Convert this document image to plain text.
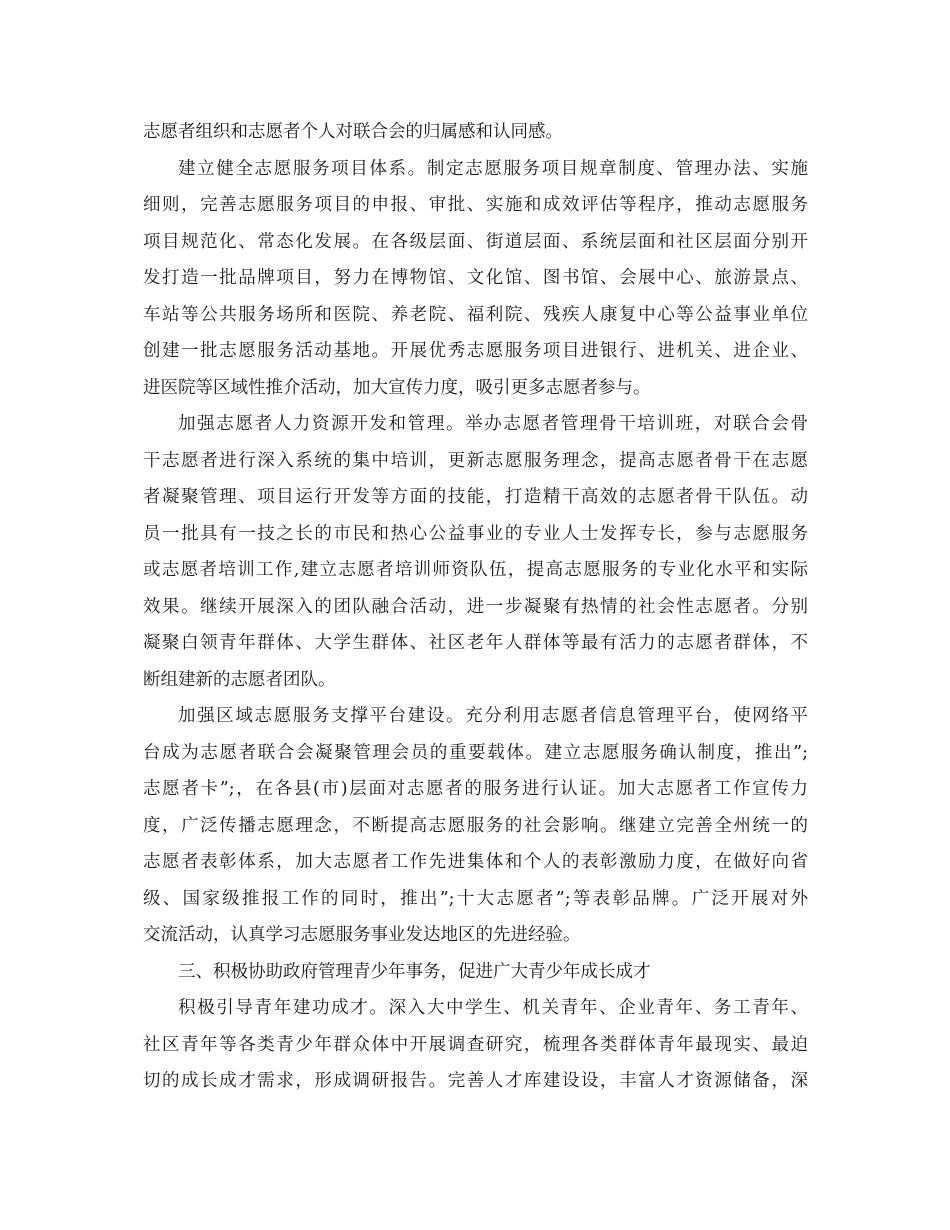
志愿者组织和志愿者个人对联合会的归属感和认同感。
建立健全志愿服务项目体系。制定志愿服务项目规章制度、管理办法、实施
细则，完善志愿服务项目的申报、审批、实施和成效评估等程序，推动志愿服务
项目规范化、常态化发展。在各级层面、街道层面、系统层面和社区层面分别开
发打造一批品牌项目，努力在博物馆、文化馆、图书馆、会展中心、旅游景点、
车站等公共服务场所和医院、养老院、福利院、残疾人康复中心等公益事业单位
创建一批志愿服务活动基地。开展优秀志愿服务项目进银行、进机关、进企业、
进医院等区域性推介活动，加大宣传力度，吸引更多志愿者参与。
加强志愿者人力资源开发和管理。举办志愿者管理骨干培训班，对联合会骨
干志愿者进行深入系统的集中培训，更新志愿服务理念，提高志愿者骨干在志愿
者凝聚管理、项目运行开发等方面的技能，打造精干高效的志愿者骨干队伍。动
员一批具有一技之长的市民和热心公益事业的专业人士发挥专长，参与志愿服务
或志愿者培训工作,建立志愿者培训师资队伍，提高志愿服务的专业化水平和实际
效果。继续开展深入的团队融合活动，进一步凝聚有热情的社会性志愿者。分别
凝聚白领青年群体、大学生群体、社区老年人群体等最有活力的志愿者群体，不
断组建新的志愿者团队。
加强区域志愿服务支撑平台建设。充分利用志愿者信息管理平台，使网络平
台成为志愿者联合会凝聚管理会员的重要载体。建立志愿服务确认制度，推出”;
志愿者卡”;，在各县(市)层面对志愿者的服务进行认证。加大志愿者工作宣传力
度，广泛传播志愿理念，不断提高志愿服务的社会影响。继建立完善全州统一的
志愿者表彰体系，加大志愿者工作先进集体和个人的表彰激励力度，在做好向省
级、国家级推报工作的同时，推出”;十大志愿者”;等表彰品牌。广泛开展对外
交流活动，认真学习志愿服务事业发达地区的先进经验。
三、积极协助政府管理青少年事务，促进广大青少年成长成才
积极引导青年建功成才。深入大中学生、机关青年、企业青年、务工青年、
社区青年等各类青少年群众体中开展调查研究，梳理各类群体青年最现实、最迫
切的成长成才需求，形成调研报告。完善人才库建设设，丰富人才资源储备，深
